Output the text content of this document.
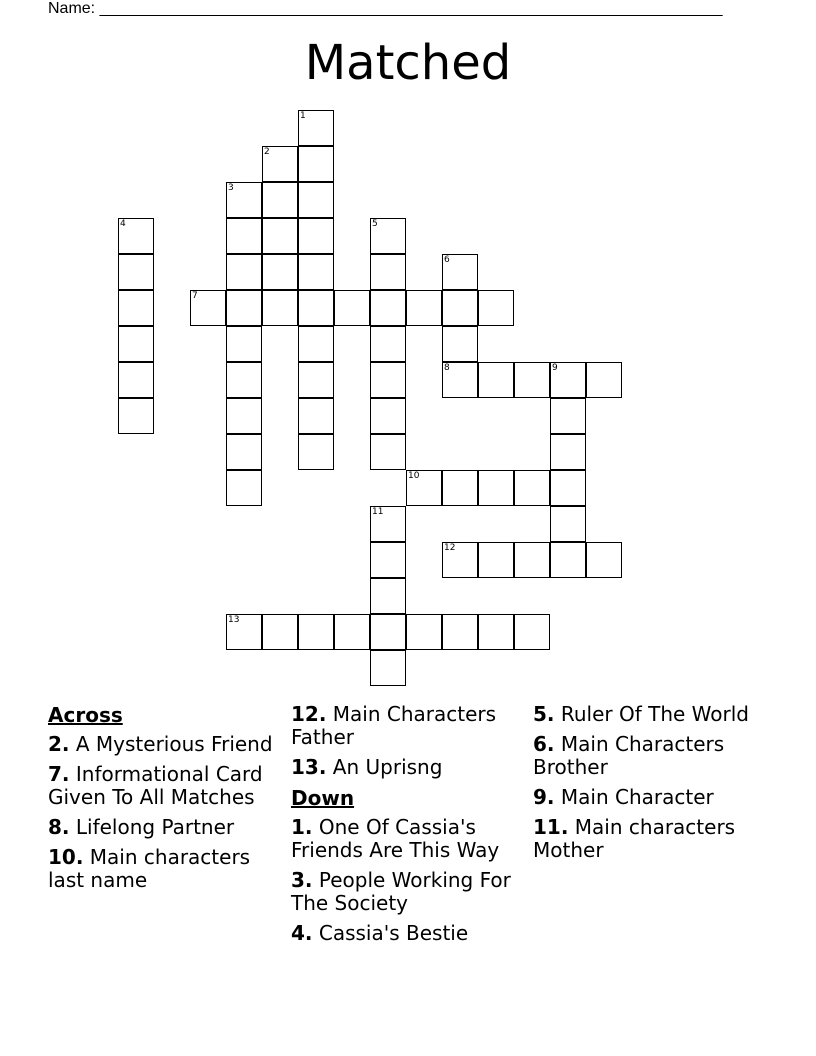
Name: ______________________________________________________________________
Matched
1
2
3
4	5
6
8
7
9
10
11
12
13
Across
2. A Mysterious Friend
7. Informational Card Given To All Matches
8. Lifelong Partner
10. Main characters last name
12. Main Characters Father
13. An Uprisng
Down
1. One Of Cassia's Friends Are This Way
3. People Working For The Society
4. Cassia's Bestie
5. Ruler Of The World
6. Main Characters Brother
9. Main Character
11. Main characters Mother
